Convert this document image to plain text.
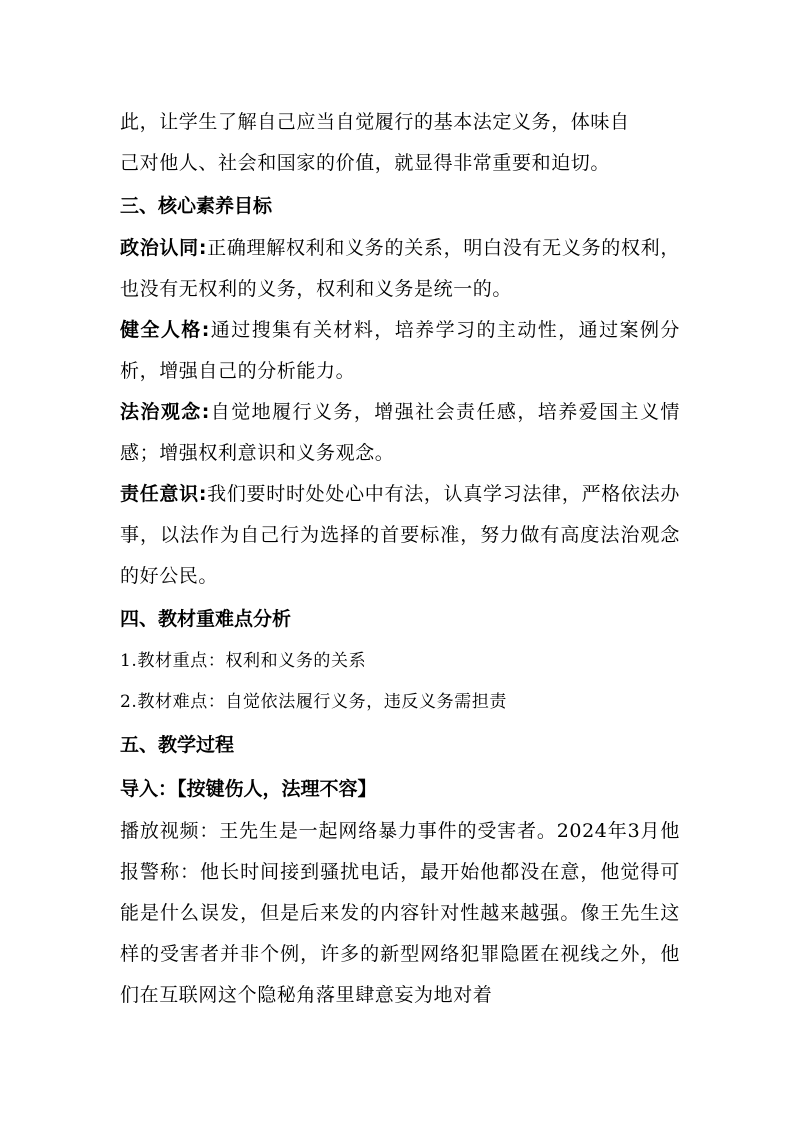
此，让学生了解自己应当自觉履行的基本法定义务，体味自

己对他人、社会和国家的价值，就显得非常重要和迫切。

三、核心素养目标

政治认同:正确理解权利和义务的关系，明白没有无义务的权利，也没有无权利的义务，权利和义务是统一的。

健全人格:通过搜集有关材料，培养学习的主动性，通过案例分析，增强自己的分析能力。

法治观念:自觉地履行义务，增强社会责任感，培养爱国主义情感；增强权利意识和义务观念。

责任意识:我们要时时处处心中有法，认真学习法律，严格依法办事，以法作为自己行为选择的首要标准，努力做有高度法治观念的好公民。

四、教材重难点分析

1.教材重点：权利和义务的关系

2.教材难点：自觉依法履行义务，违反义务需担责

五、教学过程

导入：【按键伤人，法理不容】

播放视频：王先生是一起网络暴力事件的受害者。2024年3月他报警称：他长时间接到骚扰电话，最开始他都没在意，他觉得可能是什么误发，但是后来发的内容针对性越来越强。像王先生这样的受害者并非个例，许多的新型网络犯罪隐匿在视线之外，他们在互联网这个隐秘角落里肆意妄为地对着
